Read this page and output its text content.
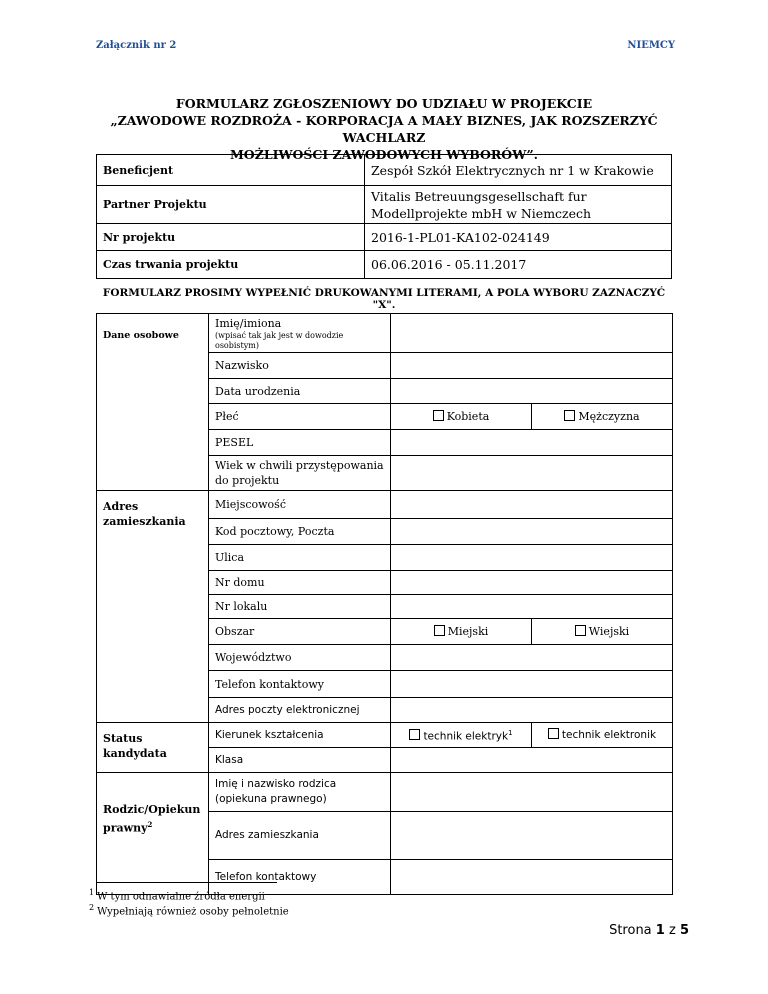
Załącznik nr 2	NIEMCY
FORMULARZ ZGŁOSZENIOWY DO UDZIAŁU W PROJEKCIE
„ZAWODOWE ROZDROŻA - KORPORACJA A MAŁY BIZNES, JAK ROZSZERZYĆ WACHLARZ
MOŻLIWOŚCI ZAWODOWYCH WYBORÓW”.
Beneficjent	Zespół Szkół Elektrycznych nr 1 w Krakowie
Partner Projektu	Vitalis Betreuungsgesellschaft fur Modellprojekte mbH w Niemczech
Nr projektu	2016-1-PL01-KA102-024149
Czas trwania projektu	06.06.2016 - 05.11.2017
FORMULARZ PROSIMY WYPEŁNIĆ DRUKOWANYMI LITERAMI, A POLA WYBORU ZAZNACZYĆ "X".
Dane osobowe	Imię/imiona
(wpisać tak jak jest w dowodzie osobistym)		

	Nazwisko		
	Data urodzenia		
	Płeć	Kobieta	Mężczyzna
	PESEL		
	Wiek w chwili przystępowania do projektu		
Adres zamieszkania	Miejscowość		
	Kod pocztowy, Poczta		
	Ulica		
	Nr domu		
	Nr lokalu		
	Obszar	Miejski	Wiejski
	Województwo		
	Telefon kontaktowy		
	Adres poczty elektronicznej		
Status kandydata	Kierunek kształcenia	technik elektryk$^1$	technik elektronik
	Klasa		
Rodzic/Opiekun prawny$^2$	Imię i nazwisko rodzica (opiekuna prawnego)		
	Adres zamieszkania		
	Telefon kontaktowy		
$^1$ W tym odnawialne źródła energii
$^2$ Wypełniają również osoby pełnoletnie
Strona 1 z 5
